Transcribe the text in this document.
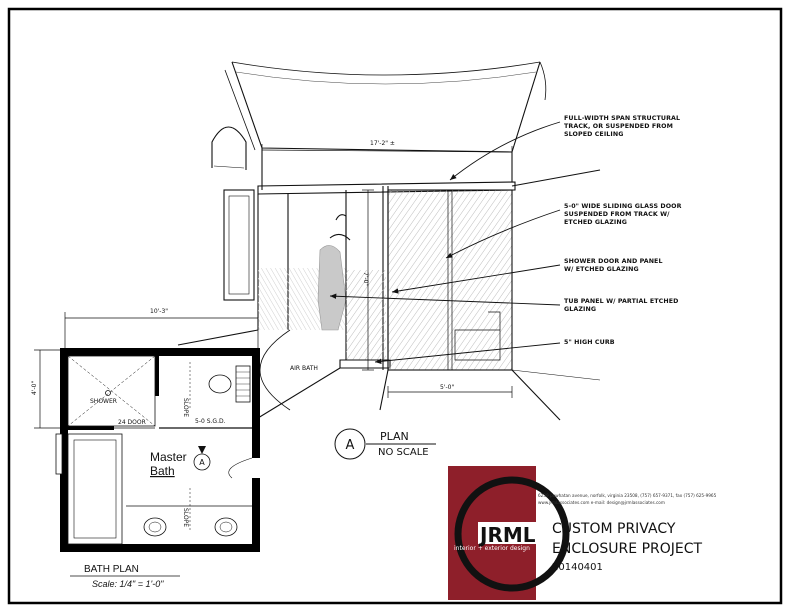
FULL-WIDTH SPAN STRUCTURAL
TRACK, OR SUSPENDED FROM
SLOPED CEILING
5-0" WIDE SLIDING GLASS DOOR
SUSPENDED FROM TRACK W/
ETCHED GLAZING
SHOWER DOOR AND PANEL
W/ ETCHED GLAZING
TUB PANEL W/ PARTIAL ETCHED
GLAZING
5" HIGH CURB
17'-2" ±
7'-0"
5'-0"
AIR BATH
A
PLAN
NO SCALE
10'-3"
4'-0"
SHOWER
24 DOOR	5-0 S.G.D.
SLOPE
Master
Bath
A
SLOPE
BATH PLAN
Scale: 1/4" = 1'-0"
JRML
interior + exterior design
6239 powhatan avenue, norfolk, virginia 23508, (757) 657-9371, fax (757) 625-9965
www.jrmlassociates.com e-mail: design@jrmlassociates.com
CUSTOM PRIVACY
ENCLOSURE PROJECT
20140401
